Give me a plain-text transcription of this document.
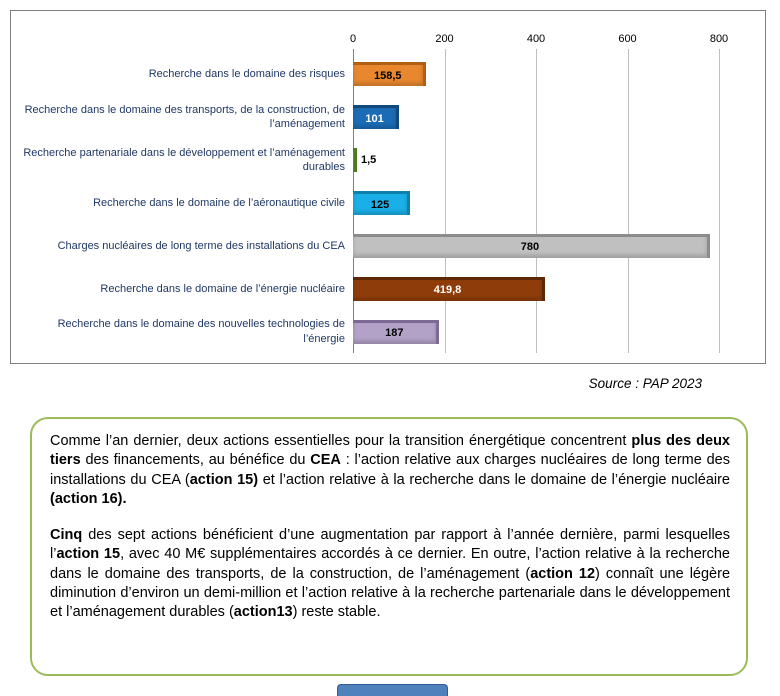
0	200	400	600	800
Recherche dans le domaine des risques	158,5
Recherche dans le domaine des transports, de la construction, de l’aménagement	101
Recherche partenariale dans le développement et l’aménagement durables
1,5
Recherche dans le domaine de l’aéronautique civile	125
Charges nucléaires de long terme des installations du CEA	780
Recherche dans le domaine de l’énergie nucléaire	419,8
Recherche dans le domaine des nouvelles technologies de l’énergie	187
Source : PAP 2023

Comme l’an dernier, deux actions essentielles pour la transition énergétique concentrent plus des deux tiers des financements, au bénéfice du CEA : l’action relative aux charges nucléaires de long terme des installations du CEA (action 15) et l’action relative à la recherche dans le domaine de l’énergie nucléaire (action 16).

Cinq des sept actions bénéficient d’une augmentation par rapport à l’année dernière, parmi lesquelles l’action 15, avec 40 M€ supplémentaires accordés à ce dernier. En outre, l’action relative à la recherche dans le domaine des transports, de la construction, de l’aménagement (action 12) connaît une légère diminution d’environ un demi-million et l’action relative à la recherche partenariale dans le développement et l’aménagement durables (action13) reste stable.
